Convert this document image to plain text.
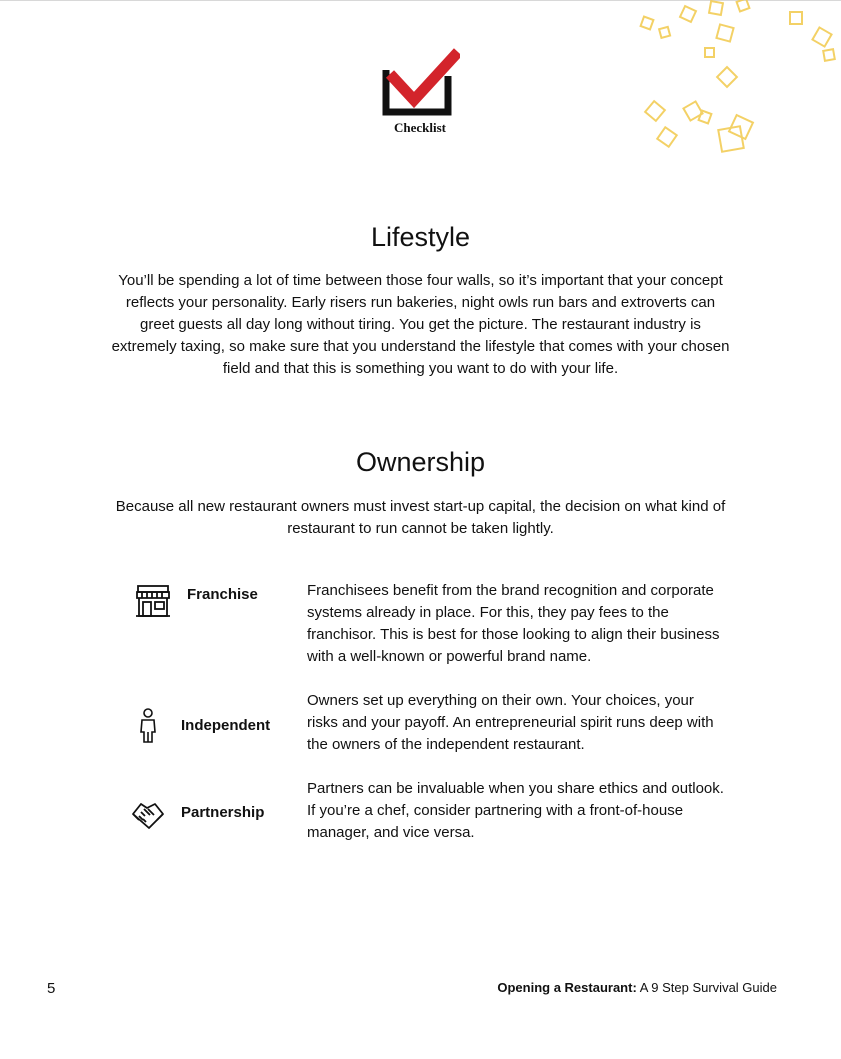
Checklist
Lifestyle

You’ll be spending a lot of time between those four walls, so it’s important that your concept reflects your personality. Early risers run bakeries, night owls run bars and extroverts can greet guests all day long without tiring. You get the picture. The restaurant industry is extremely taxing, so make sure that you understand the lifestyle that comes with your chosen field and that this is something you want to do with your life.

Ownership

Because all new restaurant owners must invest start-up capital, the decision on what kind of restaurant to run cannot be taken lightly.

Franchise	Franchisees benefit from the brand recognition and corporate systems already in place. For this, they pay fees to the franchisor. This is best for those looking to align their business with a well-known or powerful brand name.

Independent

Owners set up everything on their own. Your choices, your risks and your payoff. An entrepreneurial spirit runs deep with the owners of the independent restaurant.

Partnership

Partners can be invaluable when you share ethics and outlook. If you’re a chef, consider partnering with a front-of-house manager, and vice versa.

5	Opening a Restaurant: A 9 Step Survival Guide
